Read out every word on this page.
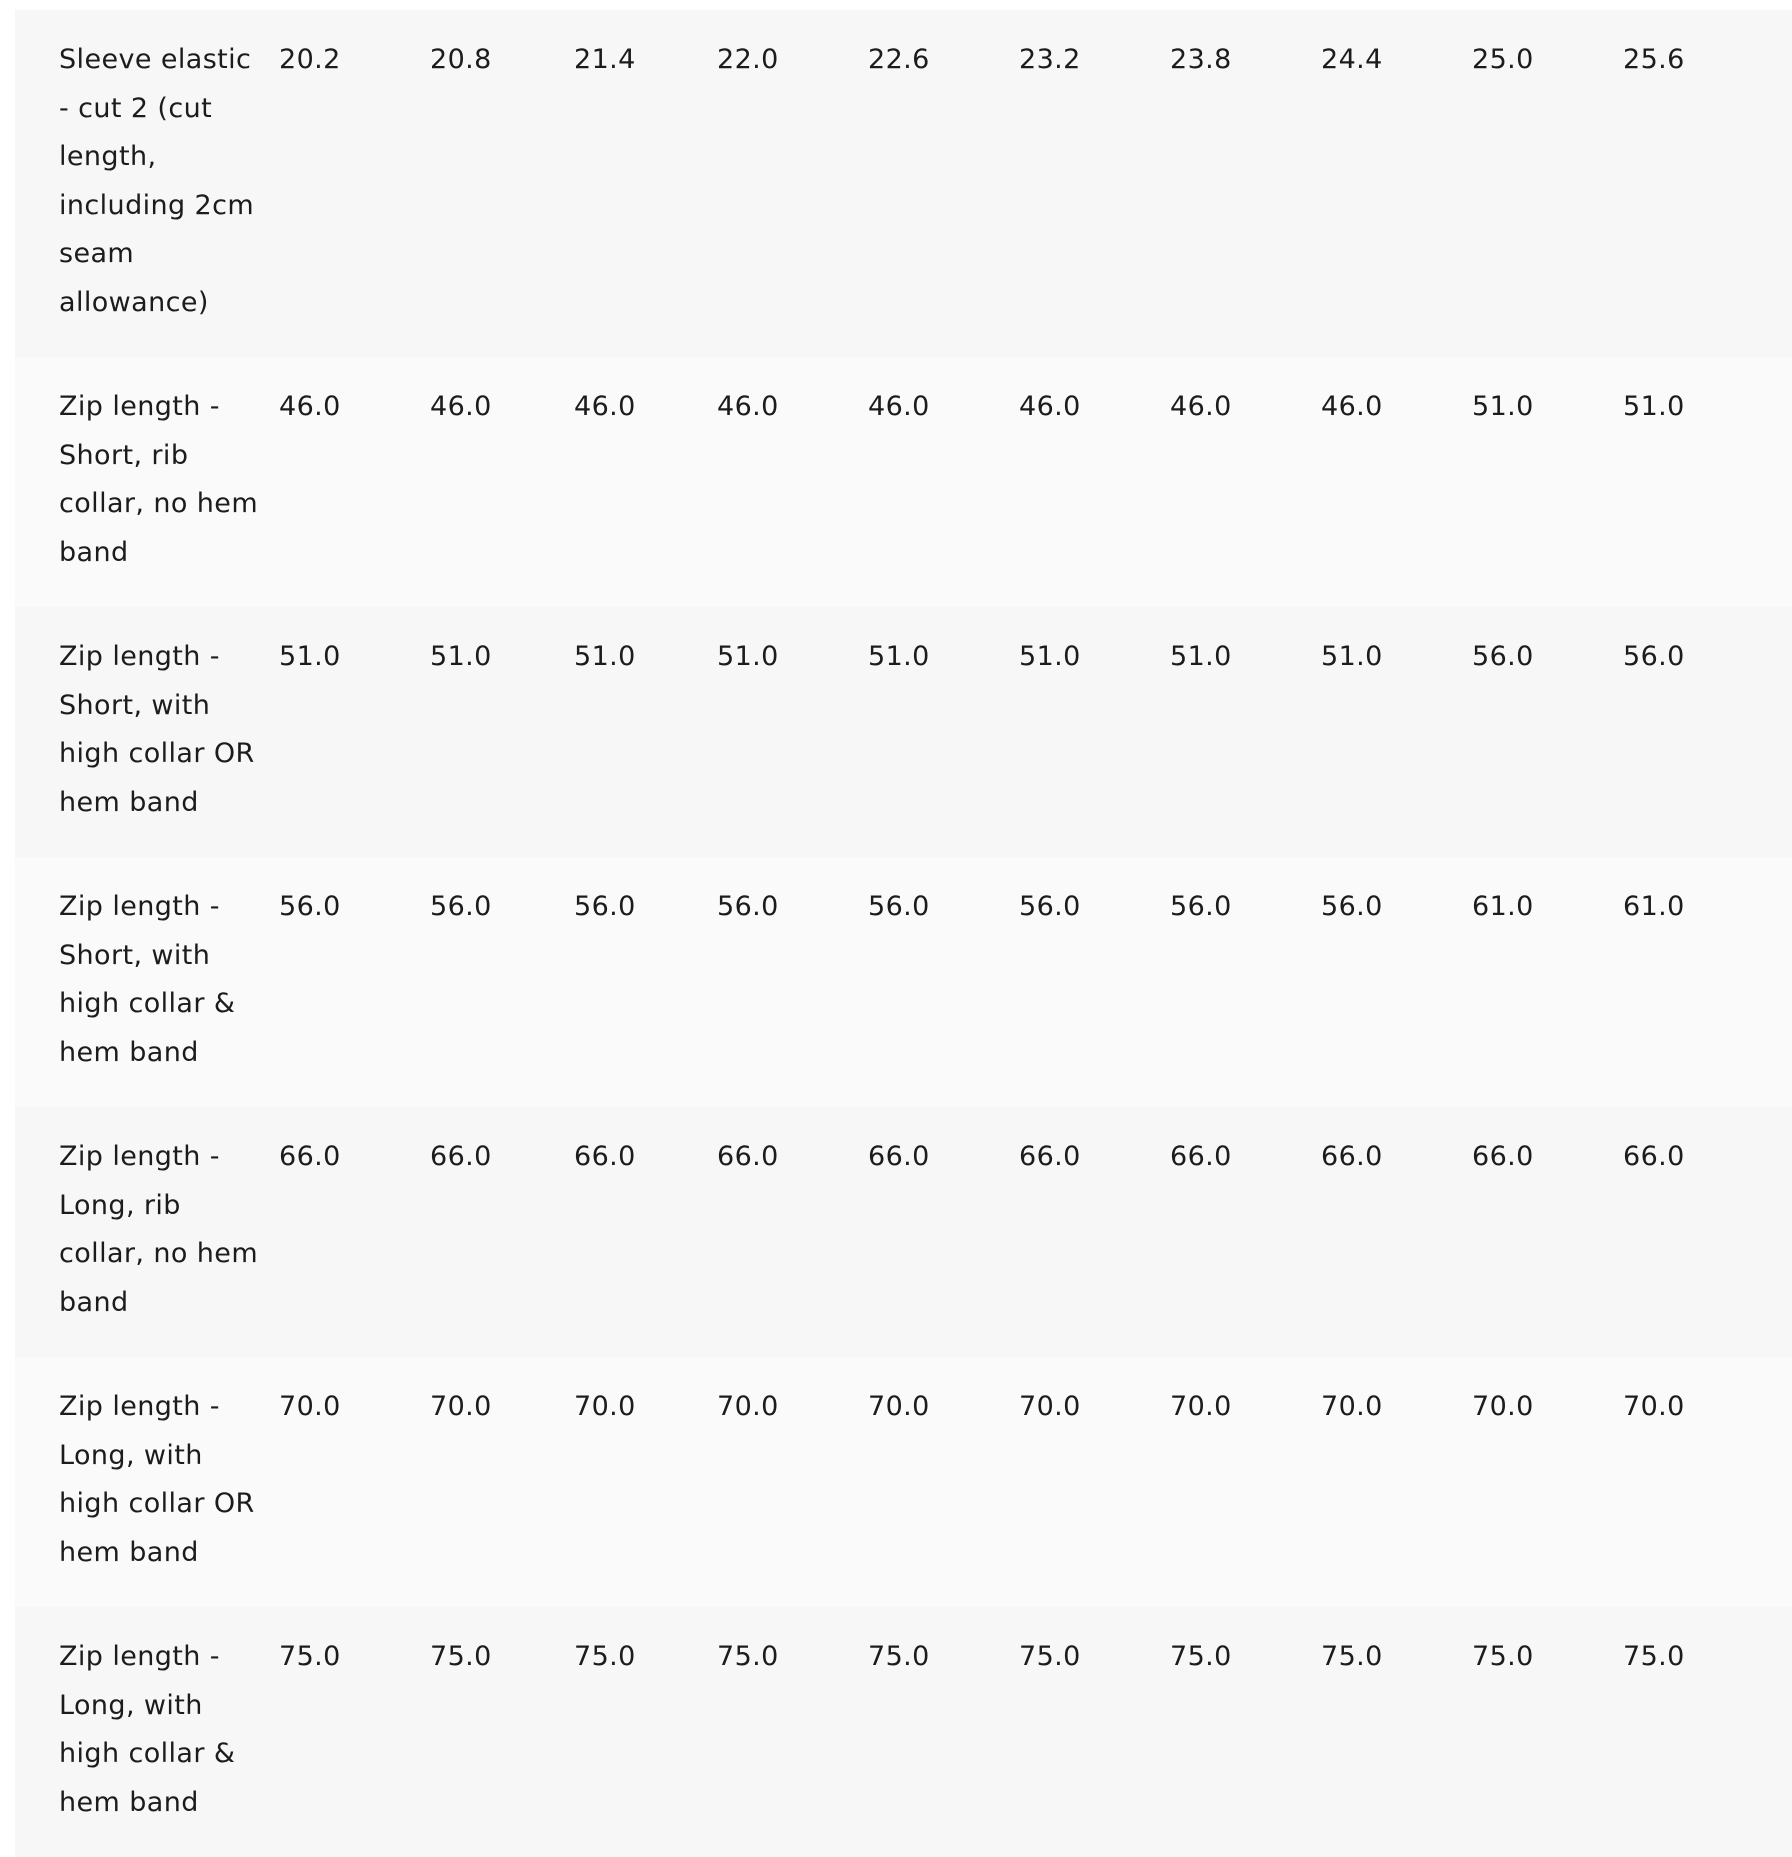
Sleeve elastic - cut 2 (cut length, including 2cm seam allowance)	20.2	20.8	21.4	22.0	22.6	23.2	23.8	24.4	25.0	25.6
Zip length - Short, rib collar, no hem band	46.0	46.0	46.0	46.0	46.0	46.0	46.0	46.0	51.0	51.0
Zip length - Short, with high collar OR hem band	51.0	51.0	51.0	51.0	51.0	51.0	51.0	51.0	56.0	56.0
Zip length - Short, with high collar & hem band	56.0	56.0	56.0	56.0	56.0	56.0	56.0	56.0	61.0	61.0
Zip length - Long, rib collar, no hem band	66.0	66.0	66.0	66.0	66.0	66.0	66.0	66.0	66.0	66.0
Zip length - Long, with high collar OR hem band	70.0	70.0	70.0	70.0	70.0	70.0	70.0	70.0	70.0	70.0
Zip length - Long, with high collar & hem band	75.0	75.0	75.0	75.0	75.0	75.0	75.0	75.0	75.0	75.0
